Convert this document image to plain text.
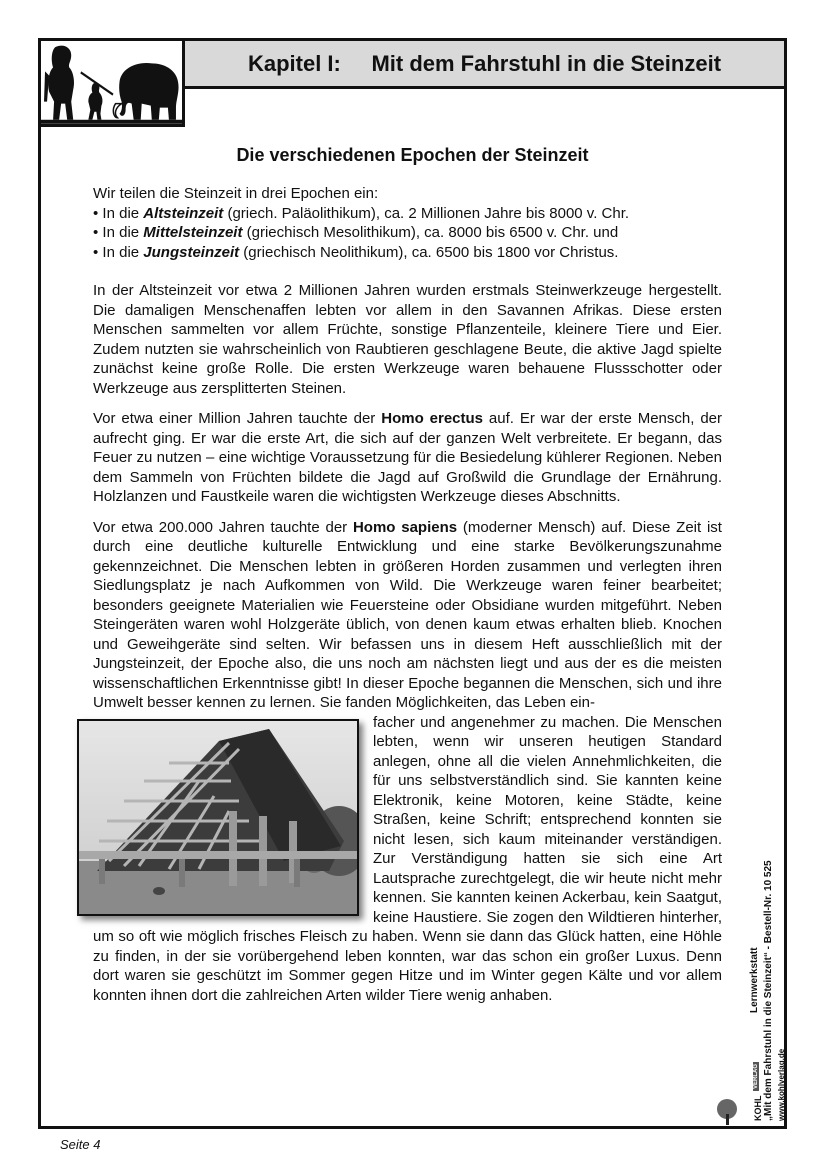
Kapitel I:
Mit dem Fahrstuhl in die Steinzeit
Die verschiedenen Epochen der Steinzeit
Wir teilen die Steinzeit in drei Epochen ein:
• In die Altsteinzeit (griech. Paläolithikum), ca. 2 Millionen Jahre bis 8000 v. Chr.
• In die Mittelsteinzeit (griechisch Mesolithikum), ca. 8000 bis 6500 v. Chr. und
• In die Jungsteinzeit (griechisch Neolithikum), ca. 6500 bis 1800 vor Christus.

In der Altsteinzeit vor etwa 2 Millionen Jahren wurden erstmals Steinwerkzeuge hergestellt. Die damaligen Menschenaffen lebten vor allem in den Savannen Afrikas. Diese ersten Menschen sammelten vor allem Früchte, sonstige Pflanzenteile, kleinere Tiere und Eier. Zudem nutzten sie wahrscheinlich von Raubtieren geschlagene Beute, die aktive Jagd spielte zunächst keine große Rolle. Die ersten Werkzeuge waren behauene Flussschotter oder Werkzeuge aus zersplitterten Steinen.

Vor etwa einer Million Jahren tauchte der Homo erectus auf. Er war der erste Mensch, der aufrecht ging. Er war die erste Art, die sich auf der ganzen Welt verbreitete. Er begann, das Feuer zu nutzen – eine wichtige Voraussetzung für die Besiedelung kühlerer Regionen. Neben dem Sammeln von Früchten bildete die Jagd auf Großwild die Grundlage der Ernährung. Holzlanzen und Faustkeile waren die wichtigsten Werkzeuge dieses Abschnitts.

Vor etwa 200.000 Jahren tauchte der Homo sapiens (moderner Mensch) auf. Diese Zeit ist durch eine deutliche kulturelle Entwicklung und eine starke Bevölkerungszunahme gekennzeichnet. Die Menschen lebten in größeren Horden zusammen und verlegten ihren Siedlungsplatz je nach Aufkommen von Wild. Die Werkzeuge waren feiner bearbeitet; besonders geeignete Materialien wie Feuersteine oder Obsidiane wurden mitgeführt. Neben Steingeräten waren wohl Holzgeräte üblich, von denen kaum etwas erhalten blieb. Knochen und Geweihgeräte sind selten. Wir befassen uns in diesem Heft ausschließlich mit der Jungsteinzeit, der Epoche also, die uns noch am nächsten liegt und aus der es die meisten wissenschaftlichen Erkenntnisse gibt! In dieser Epoche begannen die Menschen, sich und ihre Umwelt besser kennen zu lernen. Sie fanden Möglichkeiten, das Leben ein-

facher und angenehmer zu machen. Die Menschen lebten, wenn wir unseren heutigen Standard anlegen, ohne all die vielen Annehmlichkeiten, die für uns selbstverständlich sind. Sie kannten keine Elektronik, keine Motoren, keine Städte, keine Straßen, keine Schrift; entsprechend konnten sie nicht lesen, sich kaum miteinander verständigen. Zur Verständigung hatten sie sich eine Art Lautsprache zurechtgelegt, die wir heute nicht mehr kennen. Sie kannten keinen Ackerbau, kein Saatgut, keine Haustiere. Sie zogen den Wildtieren hinterher, um so oft wie möglich frisches Fleisch zu haben. Wenn sie dann das Glück hatten, eine Höhle zu finden, in der sie vorübergehend leben konnten, war das schon ein großer Luxus. Denn dort waren sie geschützt im Sommer gegen Hitze und im Winter gegen Kälte und vor allem konnten ihnen dort die zahlreichen Arten wilder Tiere wenig anhaben.	Lernwerkstatt „Mit dem Fahrstuhl in die Steinzeit“ - Bestell-Nr. 10 525 www.kohlverlag.de
KOHL
VERLAG
Seite 4
